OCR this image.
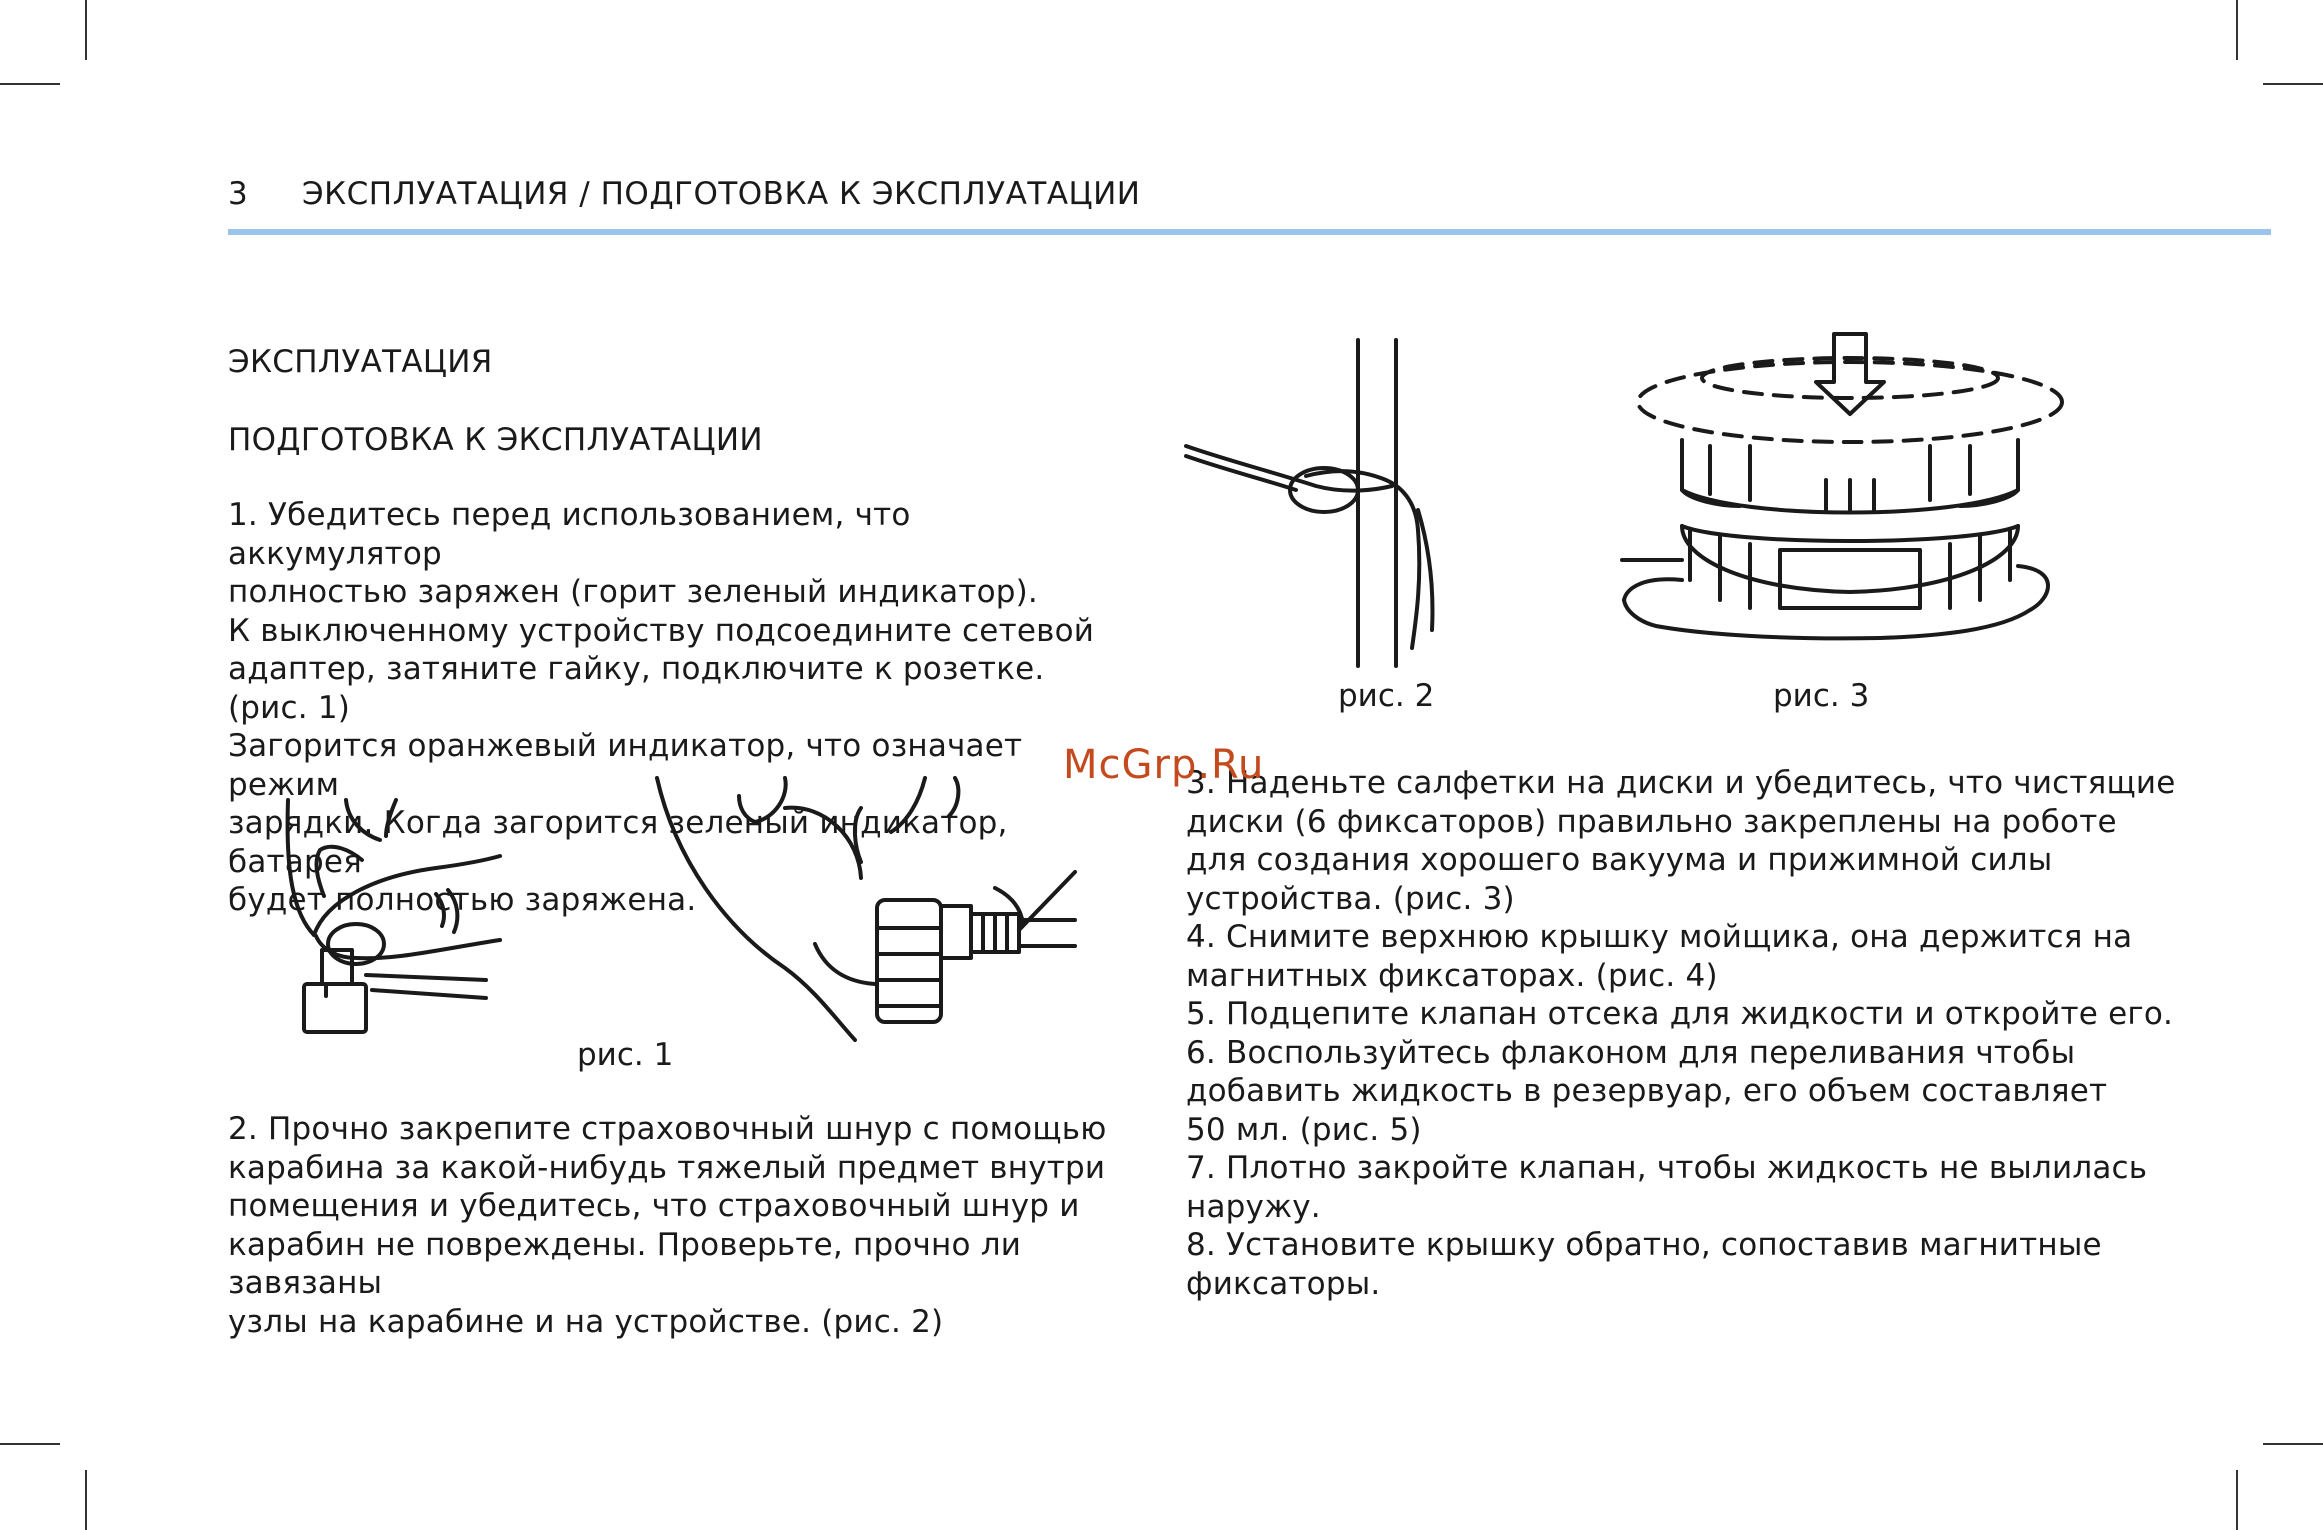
3 ЭКСПЛУАТАЦИЯ / ПОДГОТОВКА К ЭКСПЛУАТАЦИИ
ЭКСПЛУАТАЦИЯ
ПОДГОТОВКА К ЭКСПЛУАТАЦИИ
1. Убедитесь перед использованием, что аккумулятор
полностью заряжен (горит зеленый индикатор).
К выключенному устройству подсоедините сетевой
адаптер, затяните гайку, подключите к розетке. (рис. 1)
Загорится оранжевый индикатор, что означает режим
зарядки. Когда загорится зеленый индикатор, батарея
будет полностью заряжена.
рис. 1
2. Прочно закрепите страховочный шнур с помощью
карабина за какой-нибудь тяжелый предмет внутри
помещения и убедитесь, что страховочный шнур и
карабин не повреждены. Проверьте, прочно ли завязаны
узлы на карабине и на устройстве. (рис. 2)
рис. 2	рис. 3
3. Наденьте салфетки на диски и убедитесь, что чистящие
диски (6 фиксаторов) правильно закреплены на роботе
для создания хорошего вакуума и прижимной силы
устройства. (рис. 3)
4. Снимите верхнюю крышку мойщика, она держится на
магнитных фиксаторах. (рис. 4)
5. Подцепите клапан отсека для жидкости и откройте его.
6. Воспользуйтесь флаконом для переливания чтобы
добавить жидкость в резервуар, его объем составляет
50 мл. (рис. 5)
7. Плотно закройте клапан, чтобы жидкость не вылилась
наружу.
8. Установите крышку обратно, сопоставив магнитные
фиксаторы.
McGrp.Ru
